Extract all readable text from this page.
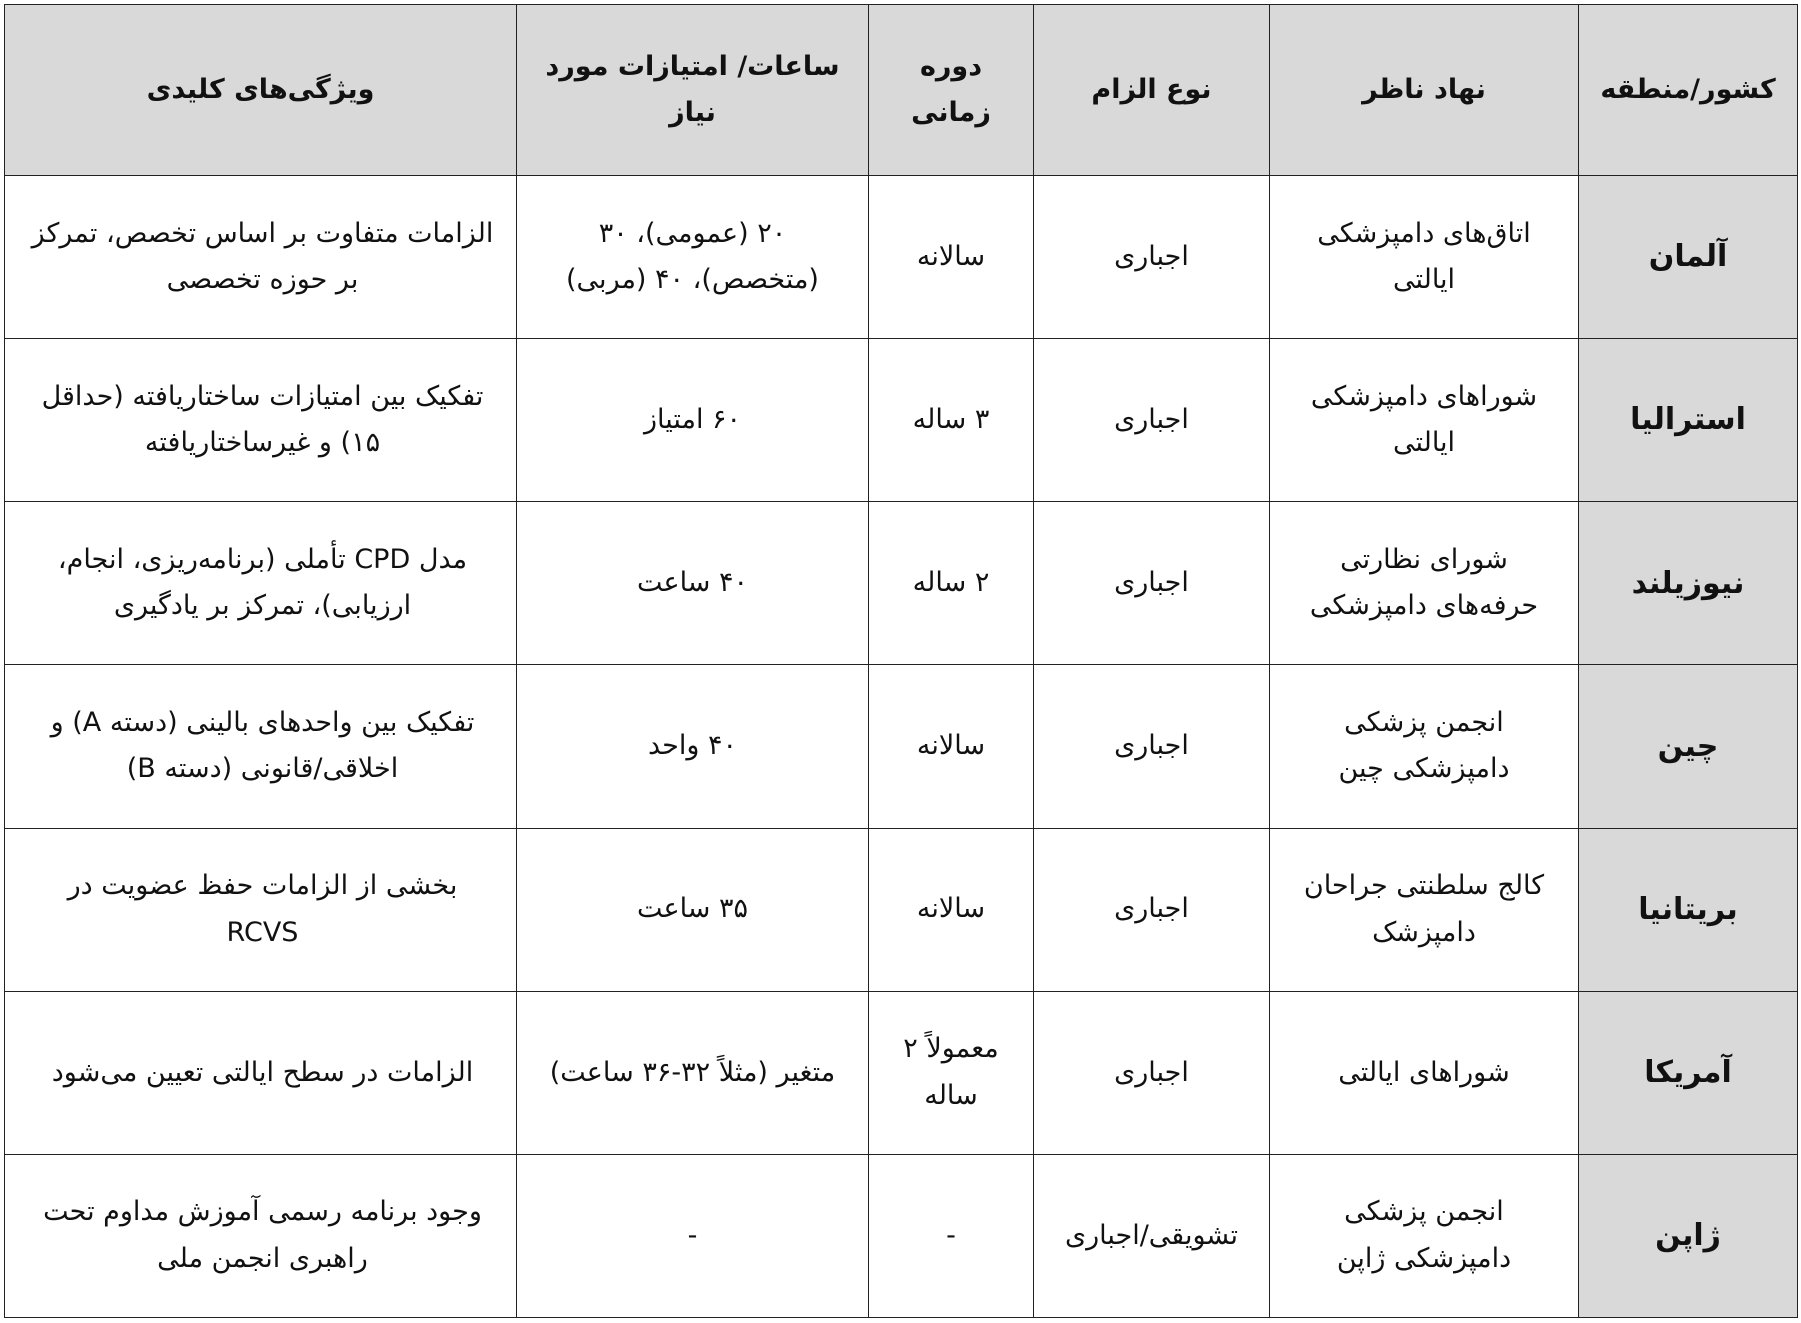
کشور/منطقه	نهاد ناظر	نوع الزام	دوره زمانی	ساعات/ امتیازات مورد نیاز	ویژگی‌های کلیدی
آلمان	اتاق‌های دامپزشکی ایالتی	اجباری	سالانه	۲۰ (عمومی)، ۳۰ (متخصص)، ۴۰ (مربی)	الزامات متفاوت بر اساس تخصص، تمرکز بر حوزه تخصصی
استرالیا	شوراهای دامپزشکی ایالتی	اجباری	۳ ساله	۶۰ امتیاز	تفکیک بین امتیازات ساختاریافته (حداقل ۱۵) و غیرساختاریافته
نیوزیلند	شورای نظارتی حرفه‌های دامپزشکی	اجباری	۲ ساله	۴۰ ساعت	مدل CPD تأملی (برنامه‌ریزی، انجام، ارزیابی)، تمرکز بر یادگیری
چین	انجمن پزشکی دامپزشکی چین	اجباری	سالانه	۴۰ واحد	تفکیک بین واحدهای بالینی (دسته A) و اخلاقی/قانونی (دسته B)
بریتانیا	کالج سلطنتی جراحان دامپزشک	اجباری	سالانه	۳۵ ساعت	بخشی از الزامات حفظ عضویت در RCVS
آمریکا	شوراهای ایالتی	اجباری	معمولاً ۲ ساله	متغیر (مثلاً ۳۲-۳۶ ساعت)	الزامات در سطح ایالتی تعیین می‌شود
ژاپن	انجمن پزشکی دامپزشکی ژاپن	تشویقی/اجباری	-	-	وجود برنامه رسمی آموزش مداوم تحت راهبری انجمن ملی
